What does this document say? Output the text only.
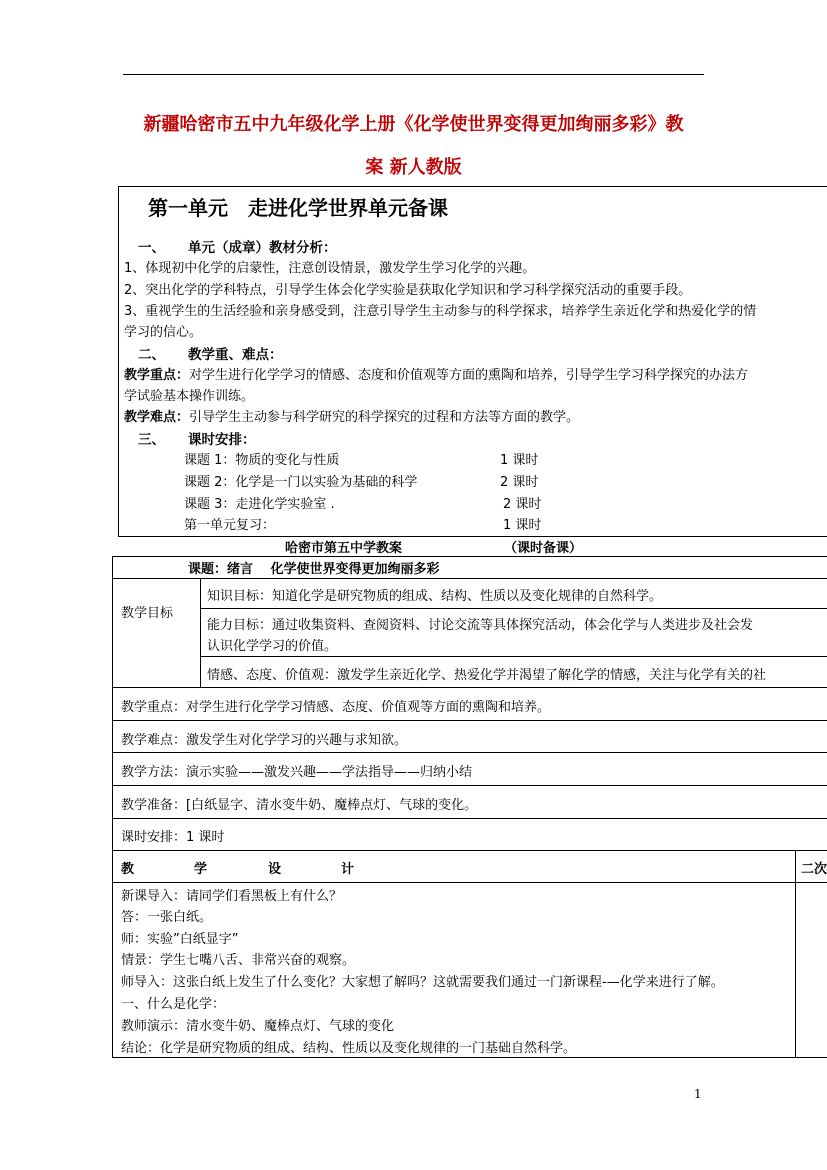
新疆哈密市五中九年级化学上册《化学使世界变得更加绚丽多彩》教
案 新人教版
第一单元　走进化学世界单元备课
一、 单元（成章）教材分析：
1、体现初中化学的启蒙性，注意创设情景，激发学生学习化学的兴趣。
2、突出化学的学科特点，引导学生体会化学实验是获取化学知识和学习科学探究活动的重要手段。
3、重视学生的生活经验和亲身感受到，注意引导学生主动参与的科学探求，培养学生亲近化学和热爱化学的情
学习的信心。
二、 教学重、难点：
教学重点：对学生进行化学学习的情感、态度和价值观等方面的熏陶和培养，引导学生学习科学探究的办法方
学试验基本操作训练。
教学难点：引导学生主动参与科学研究的科学探究的过程和方法等方面的教学。
三、 课时安排：
课题 1：物质的变化与性质	1 课时
课题 2：化学是一门以实验为基础的科学	2 课时
课题 3：走进化学实验室 .	2 课时
第一单元复习：	1 课时
哈密市第五中学教案	（课时备课）
课题：绪言　 化学使世界变得更加绚丽多彩
教学目标
知识目标：知道化学是研究物质的组成、结构、性质以及变化规律的自然科学。
能力目标：通过收集资料、查阅资料、讨论交流等具体探究活动，体会化学与人类进步及社会发
认识化学学习的价值。
情感、态度、价值观：激发学生亲近化学、热爱化学并渴望了解化学的情感，关注与化学有关的社
教学重点：对学生进行化学学习情感、态度、价值观等方面的熏陶和培养。
教学难点：激发学生对化学学习的兴趣与求知欲。
教学方法：演示实验——激发兴趣——学法指导——归纳小结
教学准备：[白纸显字、清水变牛奶、魔棒点灯、气球的变化。
课时安排：1 课时
教	学	设	计	二次
新课导入：请同学们看黑板上有什么？
答：一张白纸。
师：实验”白纸显字”
情景：学生七嘴八舌、非常兴奋的观察。
师导入：这张白纸上发生了什么变化？大家想了解吗？这就需要我们通过一门新课程-—化学来进行了解。
一、什么是化学：
教师演示：清水变牛奶、魔棒点灯、气球的变化
结论：化学是研究物质的组成、结构、性质以及变化规律的一门基础自然科学。
1
